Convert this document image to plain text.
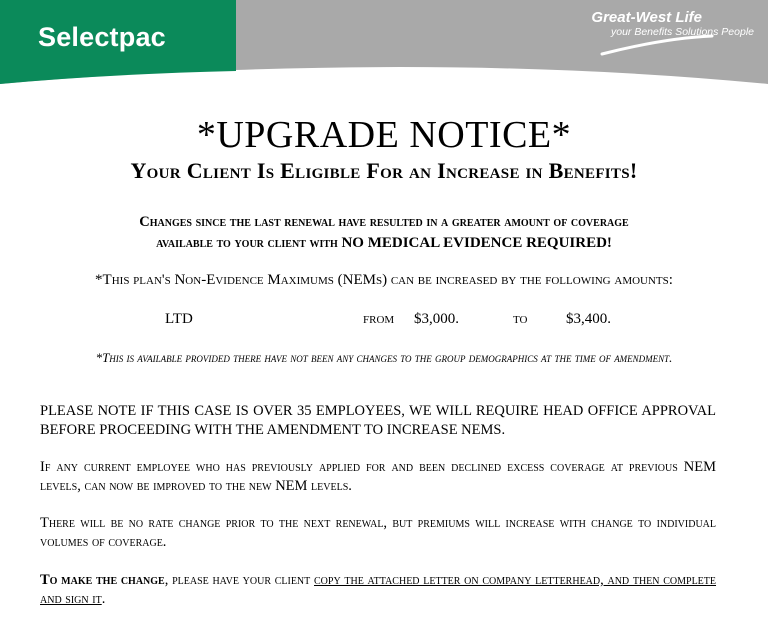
Selectpac
Great-West Life
your Benefits Solutions People
*UPGRADE NOTICE*
Your Client Is Eligible For an Increase in Benefits!
Changes since the last renewal have resulted in a greater amount of coverage
available to your client with NO MEDICAL EVIDENCE REQUIRED!
*This plan's Non-Evidence Maximums (NEMs) can be increased by the following amounts:
LTD	from $3,000.	to	$3,400.
*This is available provided there have not been any changes to the group demographics at the time of amendment.
PLEASE NOTE IF THIS CASE IS OVER 35 EMPLOYEES, WE WILL REQUIRE HEAD OFFICE APPROVAL BEFORE PROCEEDING WITH THE AMENDMENT TO INCREASE NEMS.
If any current employee who has previously applied for and been declined excess coverage at previous NEM levels, can now be improved to the new NEM levels.
There will be no rate change prior to the next renewal, but premiums will increase with change to individual volumes of coverage.
To make the change, please have your client copy the attached letter on company letterhead, and then complete and sign it.
